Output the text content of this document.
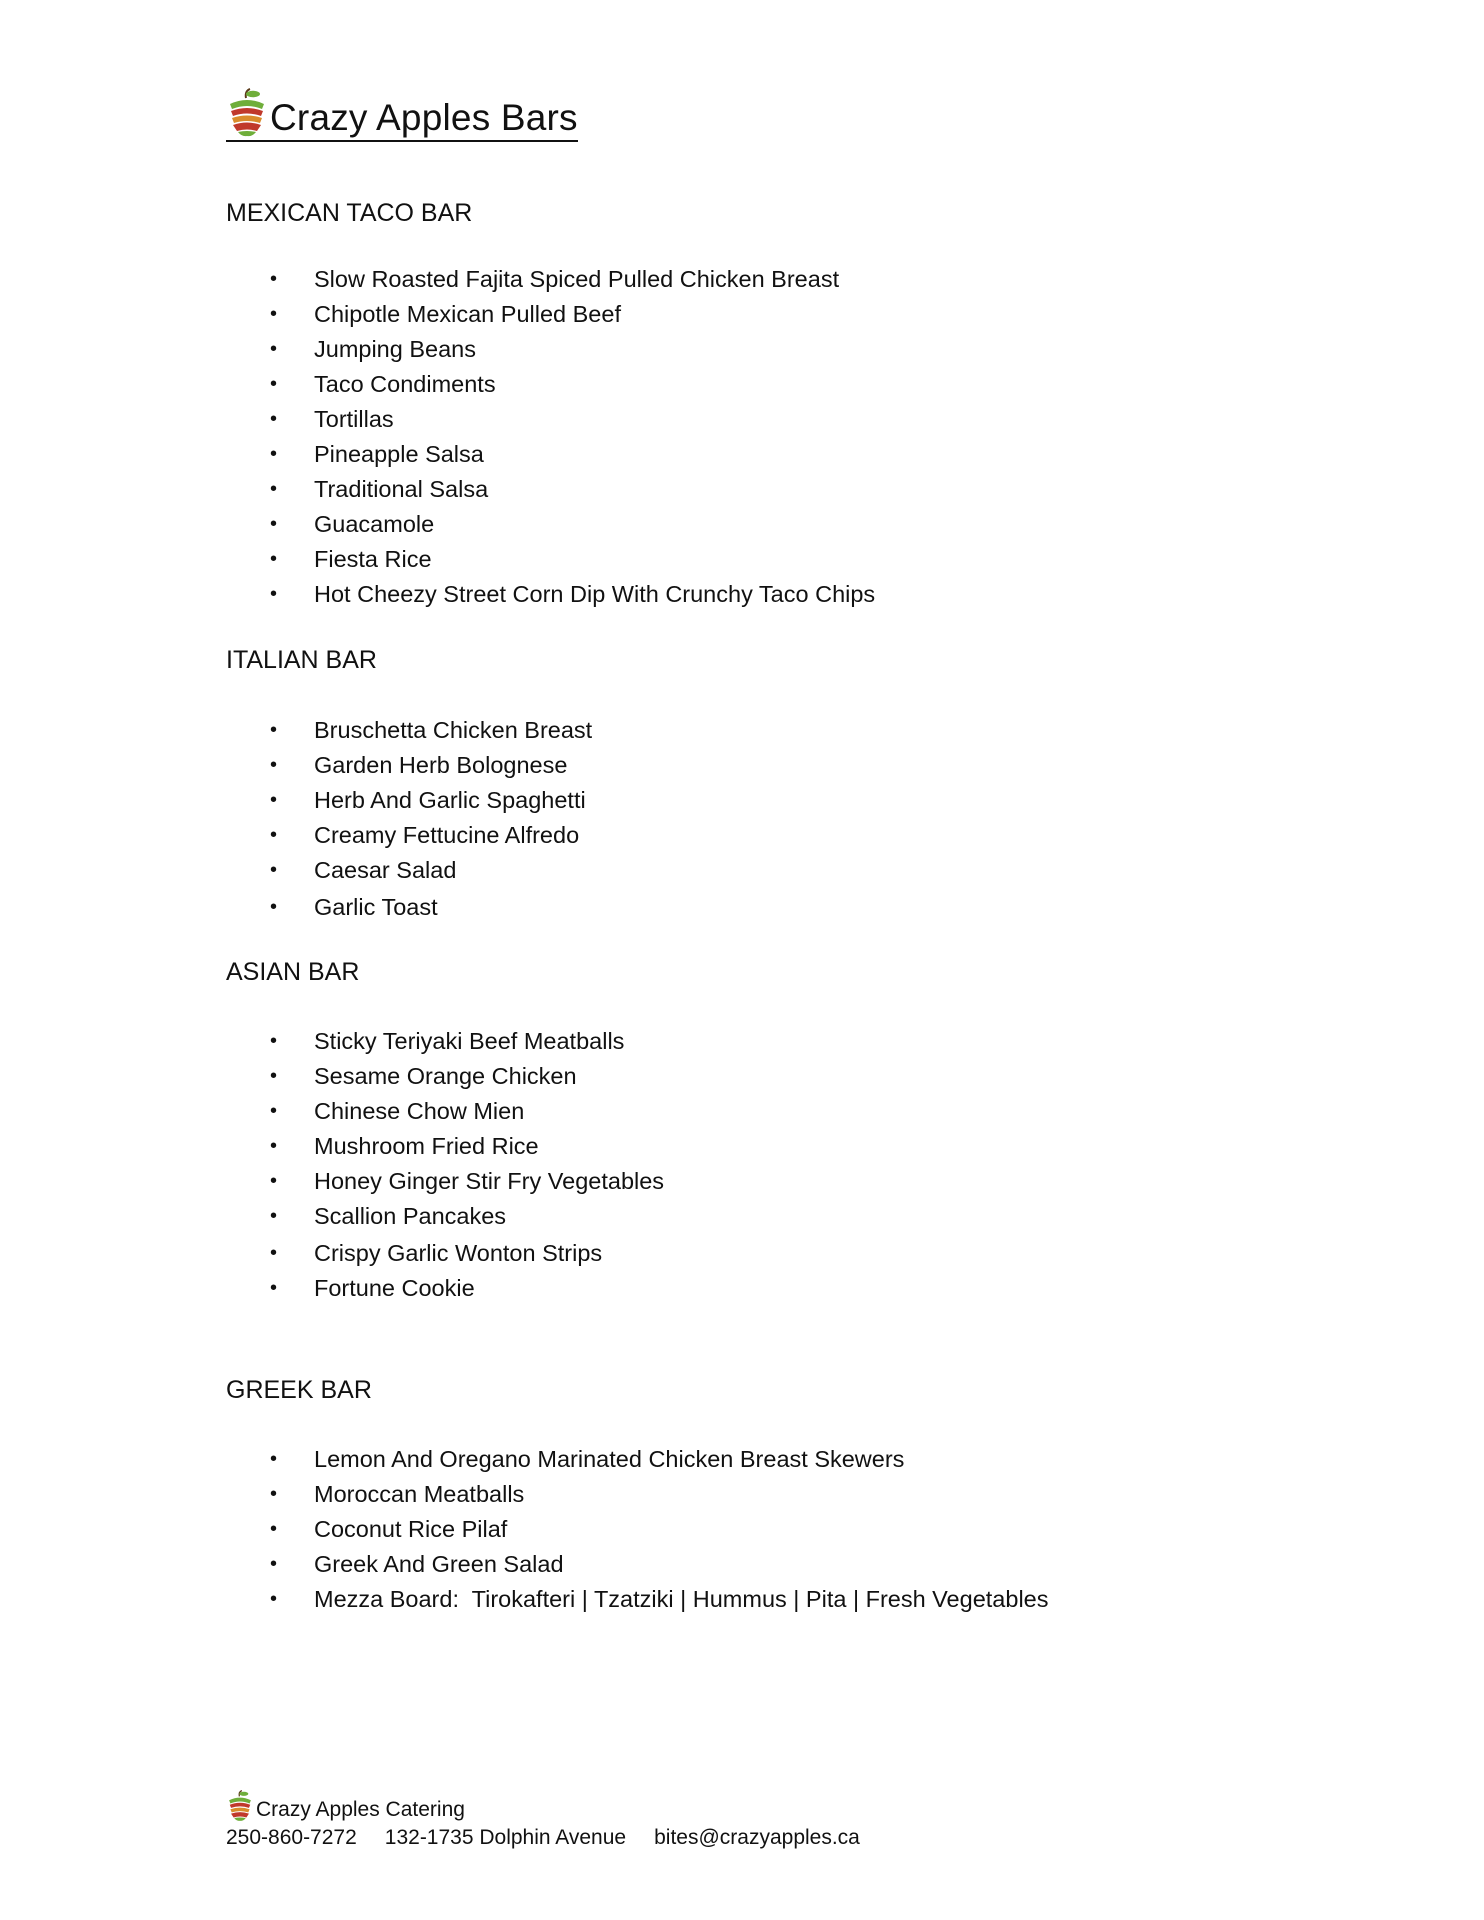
Crazy Apples Bars
MEXICAN TACO BAR
• Slow Roasted Fajita Spiced Pulled Chicken Breast
• Chipotle Mexican Pulled Beef
• Jumping Beans
• Taco Condiments
• Tortillas
• Pineapple Salsa
• Traditional Salsa
• Guacamole
• Fiesta Rice
• Hot Cheezy Street Corn Dip With Crunchy Taco Chips
ITALIAN BAR
• Bruschetta Chicken Breast
• Garden Herb Bolognese
• Herb And Garlic Spaghetti
• Creamy Fettucine Alfredo
• Caesar Salad
• Garlic Toast
ASIAN BAR
• Sticky Teriyaki Beef Meatballs
• Sesame Orange Chicken
• Chinese Chow Mien
• Mushroom Fried Rice
• Honey Ginger Stir Fry Vegetables
• Scallion Pancakes
• Crispy Garlic Wonton Strips
• Fortune Cookie
GREEK BAR
• Lemon And Oregano Marinated Chicken Breast Skewers
• Moroccan Meatballs
• Coconut Rice Pilaf
• Greek And Green Salad
• Mezza Board:  Tirokafteri | Tzatziki | Hummus | Pita | Fresh Vegetables
Crazy Apples Catering
250-860-7272 132-1735 Dolphin Avenue bites@crazyapples.ca
